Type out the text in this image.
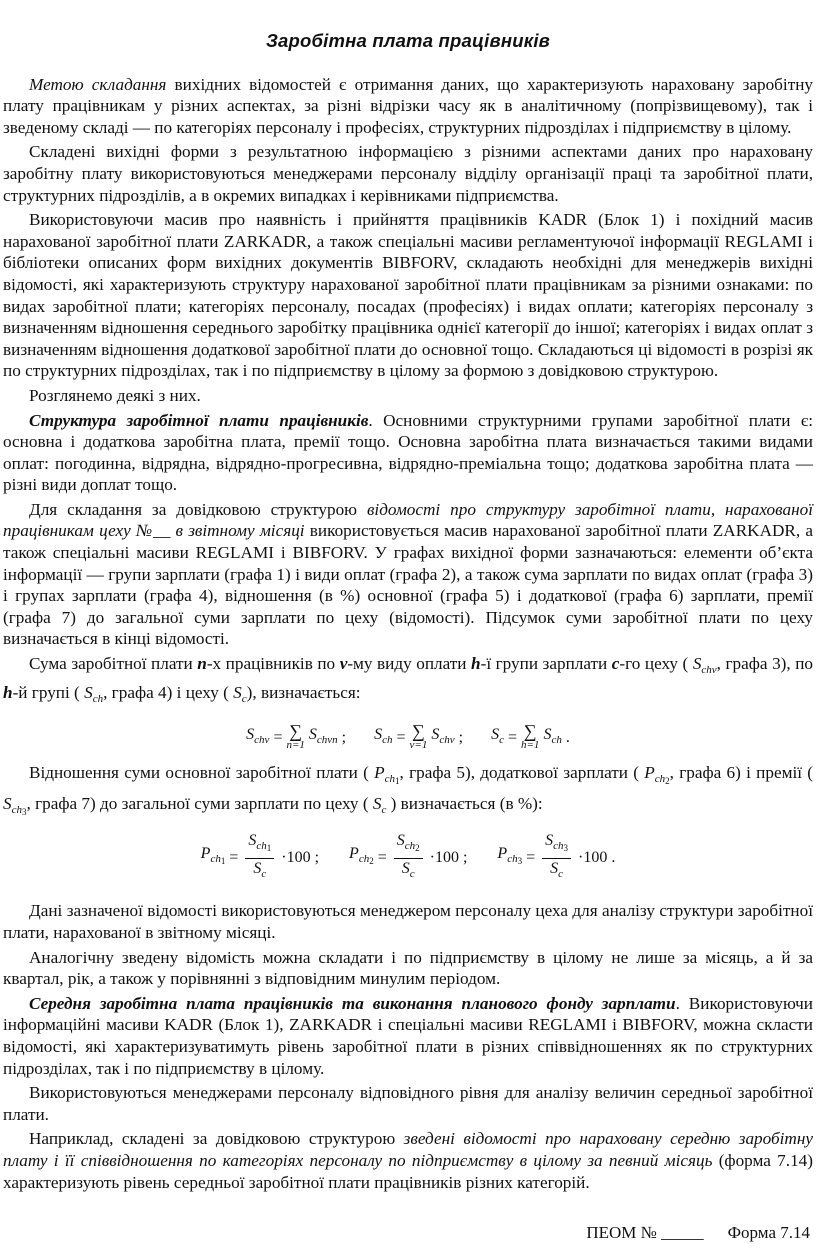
Заробітна плата працівників

Метою складання вихідних відомостей є отримання даних, що характеризують нараховану заробітну плату працівникам у різних аспектах, за різні відрізки часу як в аналітичному (попрізвищевому), так і зведеному складі — по категоріях персоналу і професіях, структурних підрозділах і підприємству в цілому.

Складені вихідні форми з результатною інформацією з різними аспектами даних про нараховану заробітну плату використовуються менеджерами персоналу відділу організації праці та заробітної плати, структурних підрозділів, а в окремих випадках і керівниками підприємства.

Використовуючи масив про наявність і прийняття працівників KADR (Блок 1) і похідний масив нарахованої заробітної плати ZARKADR, а також спеціальні масиви регламентуючої інформації REGLAMI і бібліотеки описаних форм вихідних документів BIBFORV, складають необхідні для менеджерів вихідні відомості, які характеризують структуру нарахованої заробітної плати працівникам за різними ознаками: по видах заробітної плати; категоріях персоналу, посадах (професіях) і видах оплати; категоріях персоналу з визначенням відношення середнього заробітку працівника однієї категорії до іншої; категоріях і видах оплат з визначенням відношення додаткової заробітної плати до основної тощо. Складаються ці відомості в розрізі як по структурних підрозділах, так і по підприємству в цілому за формою з довідковою структурою.

Розглянемо деякі з них.

Структура заробітної плати працівників. Основними структурними групами заробітної плати є: основна і додаткова заробітна плата, премії тощо. Основна заробітна плата визначається такими видами оплат: погодинна, відрядна, відрядно-прогресивна, відрядно-преміальна тощо; додаткова заробітна плата — різні види доплат тощо.

Для складання за довідковою структурою відомості про структуру заробітної плати, нарахованої працівникам цеху №__ в звітному місяці використовується масив нарахованої заробітної плати ZARKADR, а також спеціальні масиви REGLAMI і BIBFORV. У графах вихідної форми зазначаються: елементи об’єкта інформації — групи зарплати (графа 1) і види оплат (графа 2), а також сума зарплати по видах оплат (графа 3) і групах зарплати (графа 4), відношення (в %) основної (графа 5) і додаткової (графа 6) зарплати, премії (графа 7) до загальної суми зарплати по цеху (відомості). Підсумок суми заробітної плати по цеху визначається в кінці відомості.

Сума заробітної плати n-х працівників по v-му виду оплати h-ї групи зарплати c-го цеху ( $S_{chv}$, графа 3), по h-й групі ( $S_{ch}$, графа 4) і цеху ( $S_c$), визначається:

$S_{chv}$ = ∑
n=1
$S_{chvn}$ ; $S_{ch}$ = ∑
v=1
$S_{chv}$ ; $S_c$ = ∑
h=1
$S_{ch}$ .

Відношення суми основної заробітної плати ( $P_{ch1}$, графа 5), додаткової зарплати ( $P_{ch2}$, графа 6) і премії ( $S_{ch3}$, графа 7) до загальної суми зарплати по цеху ( $S_c$ ) визначається (в %):

$P_{ch1} = \frac{S_{ch1}}{S_c} \cdot 100$ ; $P_{ch2} = \frac{S_{ch2}}{S_c} \cdot 100$ ; $P_{ch3} = \frac{S_{ch3}}{S_c} \cdot 100$ .

Дані зазначеної відомості використовуються менеджером персоналу цеха для аналізу структури заробітної плати, нарахованої в звітному місяці.

Аналогічну зведену відомість можна складати і по підприємству в цілому не лише за місяць, а й за квартал, рік, а також у порівнянні з відповідним минулим періодом.

Середня заробітна плата працівників та виконання планового фонду зарплати. Використовуючи інформаційні масиви KADR (Блок 1), ZARKADR і спеціальні масиви REGLAMI і BIBFORV, можна скласти відомості, які характеризуватимуть рівень заробітної плати в різних співвідношеннях як по структурних підрозділах, так і по підприємству в цілому.

Використовуються менеджерами персоналу відповідного рівня для аналізу величин середньої заробітної плати.

Наприклад, складені за довідковою структурою зведені відомості про нараховану середню заробітну плату і її співвідношення по категоріях персоналу по підприємству в цілому за певний місяць (форма 7.14) характеризують рівень середньої заробітної плати працівників різних категорій.

ПЕОМ № _____ Форма 7.14
